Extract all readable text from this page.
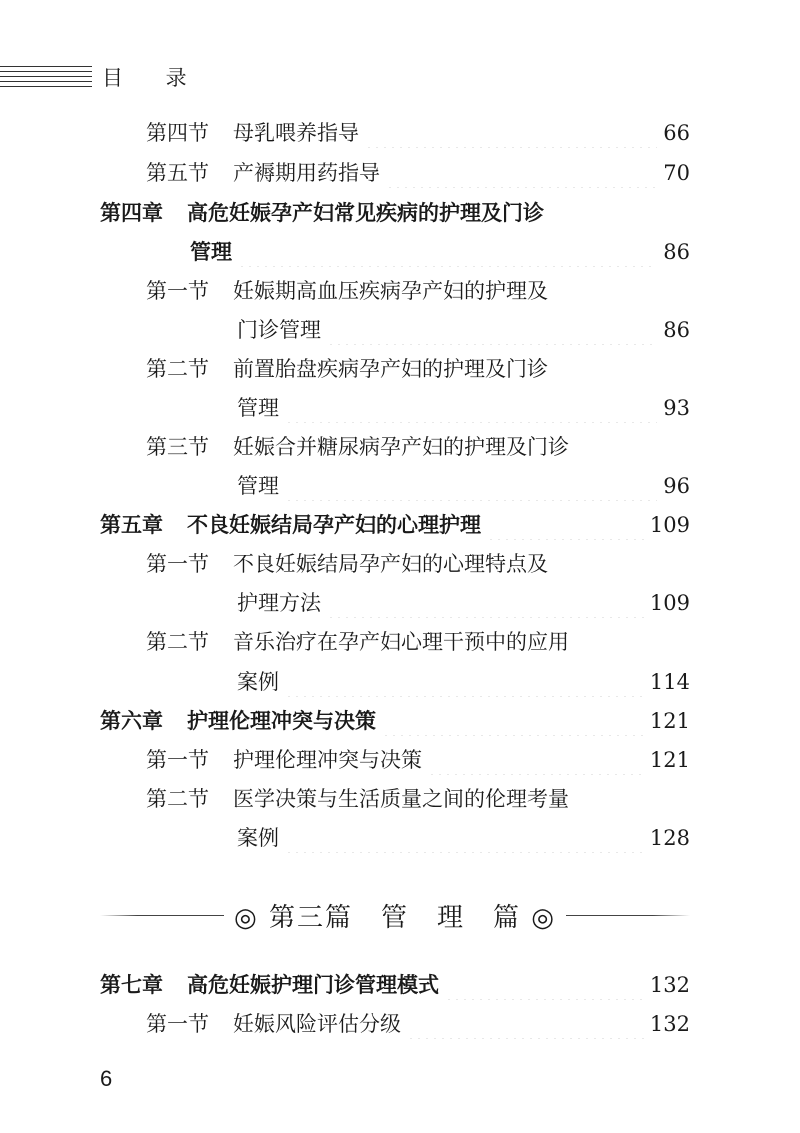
目 录
第四节 母乳喂养指导	66
第五节 产褥期用药指导	70
第四章 高危妊娠孕产妇常见疾病的护理及门诊
管理	86
第一节 妊娠期高血压疾病孕产妇的护理及
门诊管理	86
第二节 前置胎盘疾病孕产妇的护理及门诊
管理	93
第三节 妊娠合并糖尿病孕产妇的护理及门诊
管理	96
第五章 不良妊娠结局孕产妇的心理护理	109
第一节 不良妊娠结局孕产妇的心理特点及
护理方法	109
第二节 音乐治疗在孕产妇心理干预中的应用
案例	114
第六章 护理伦理冲突与决策	121
第一节 护理伦理冲突与决策	121
第二节 医学决策与生活质量之间的伦理考量
案例	128
◎ 第三篇　管　理　篇 ◎
第七章 高危妊娠护理门诊管理模式	132
第一节 妊娠风险评估分级	132
6
